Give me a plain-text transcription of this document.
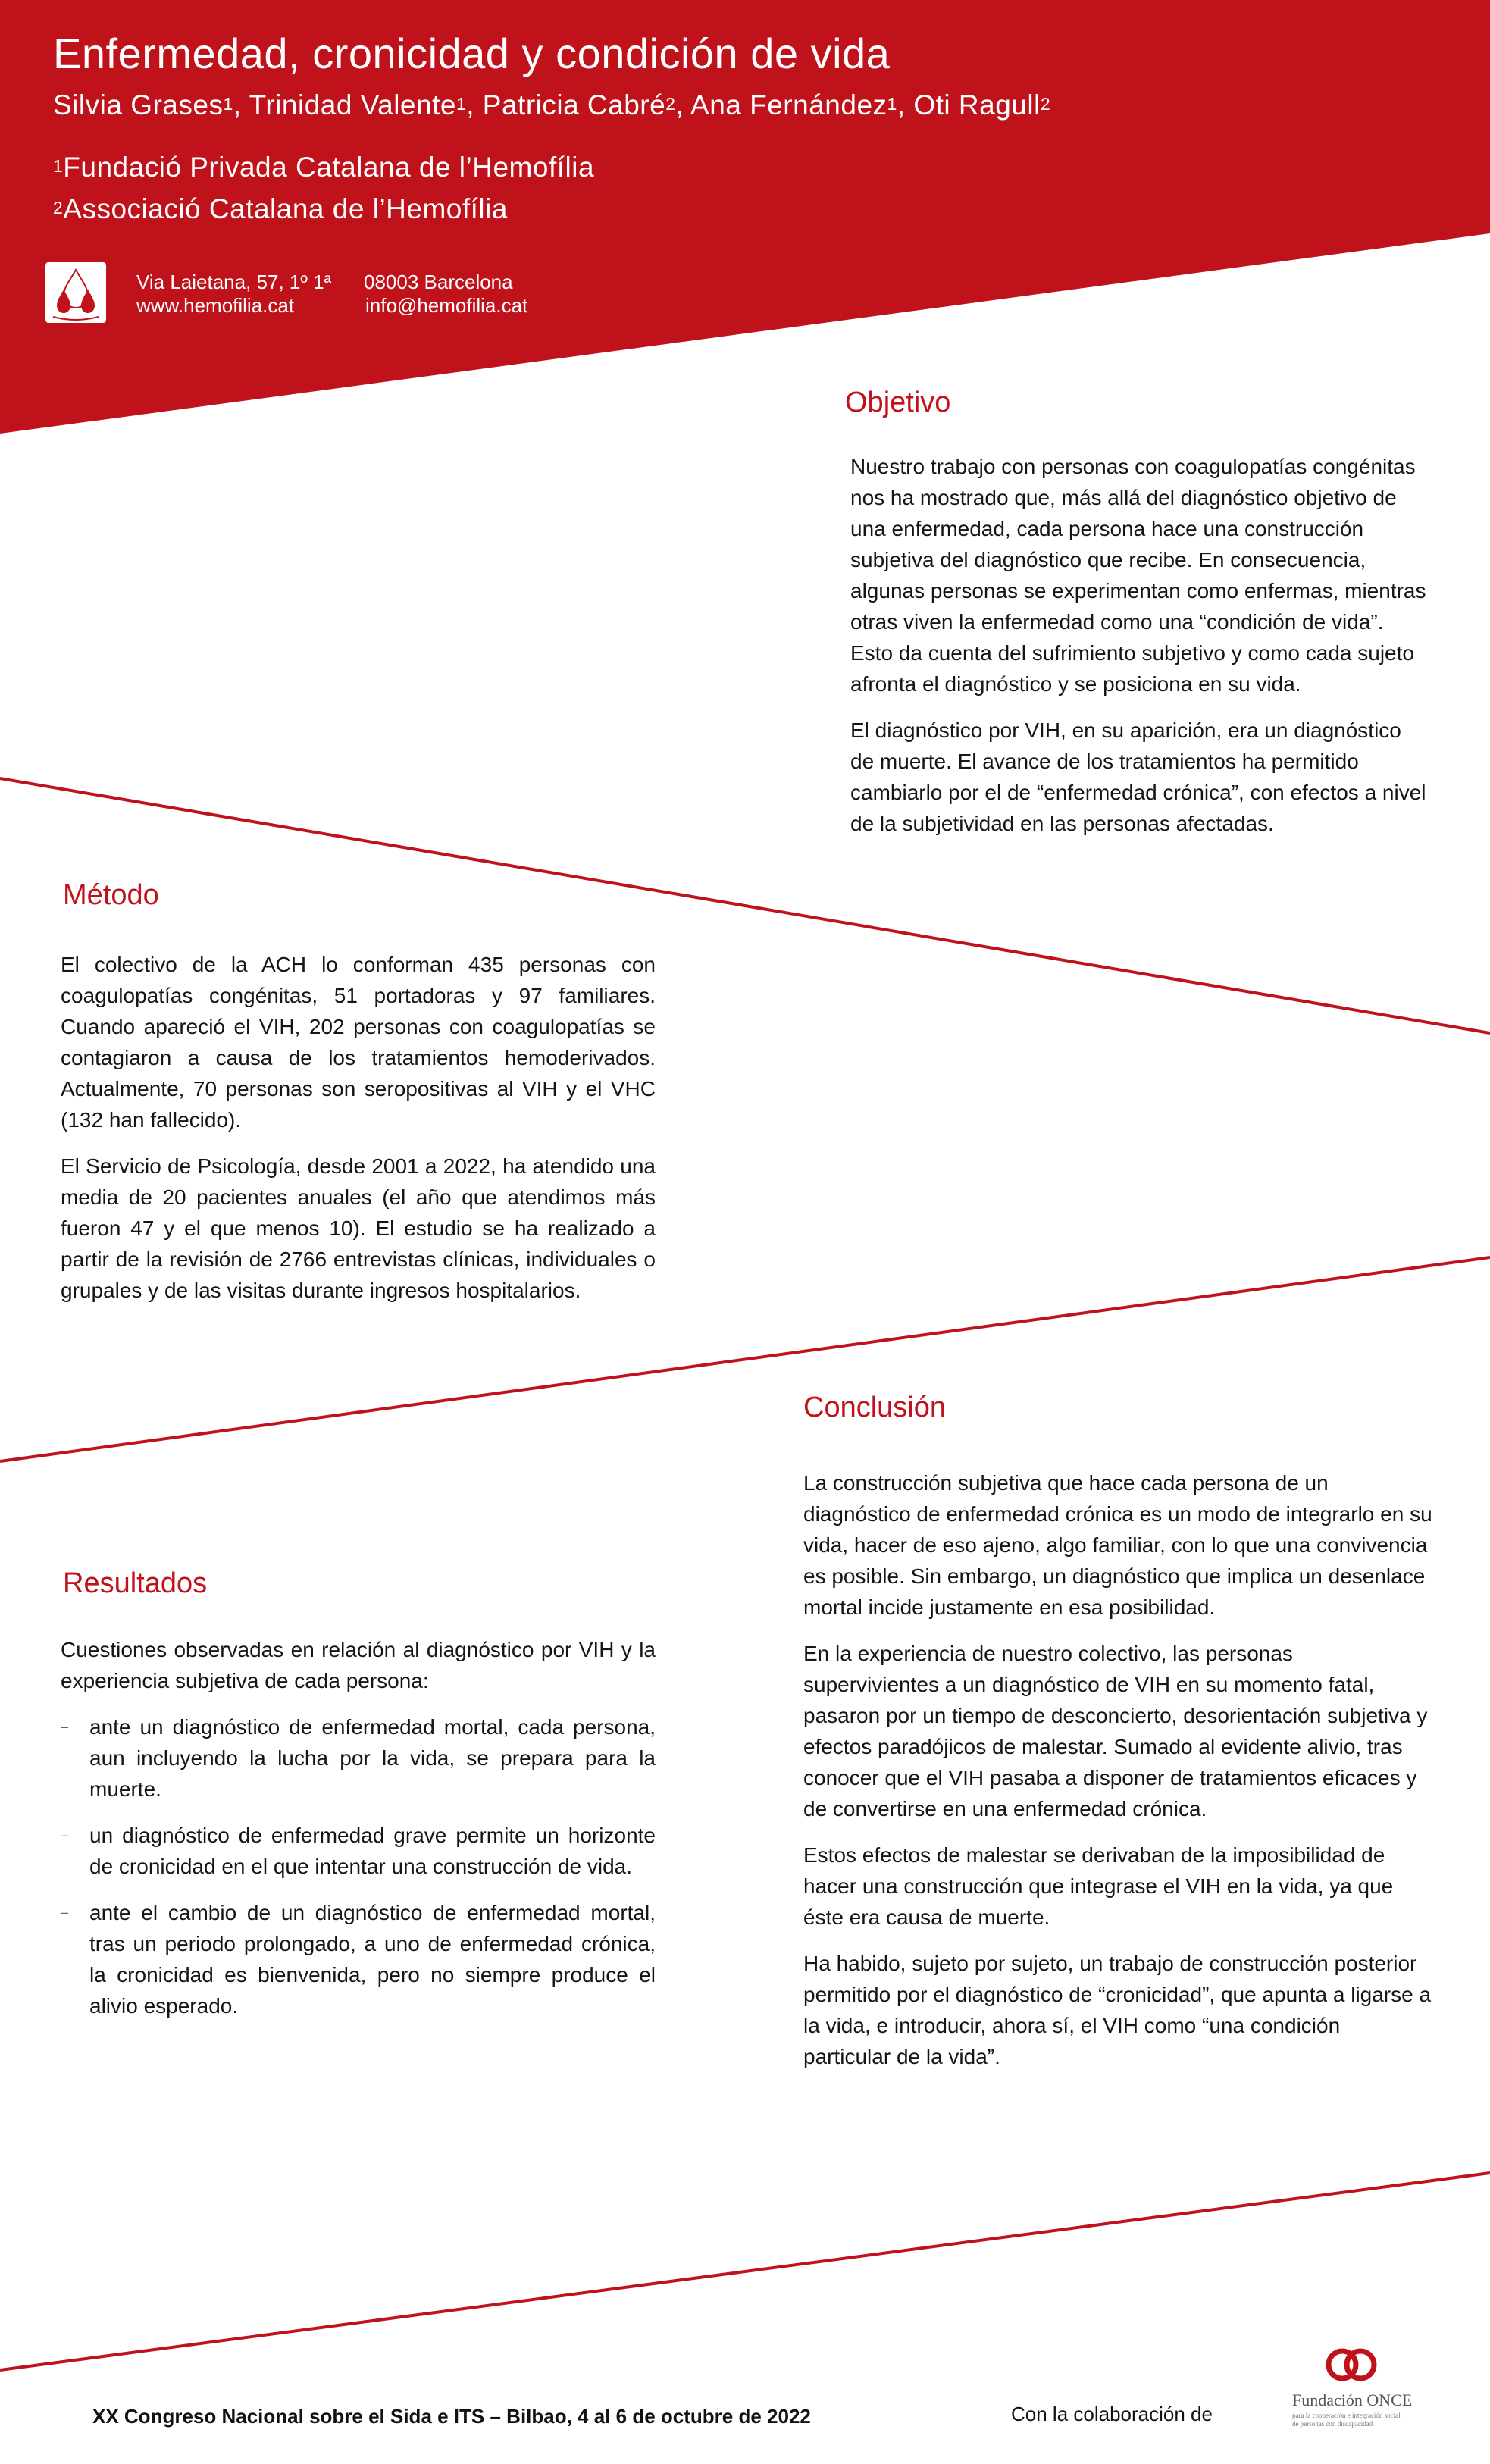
Enfermedad, cronicidad y condición de vida
Silvia Grases$^1$, Trinidad Valente$^1$, Patricia Cabré$^2$, Ana Fernández$^1$, Oti Ragull$^2$
$^1$Fundació Privada Catalana de l’Hemofília
$^2$Associació Catalana de l’Hemofília
Via Laietana, 57, 1º 1ª 08003 Barcelona
www.hemofilia.cat	info@hemofilia.cat
Objetivo

Nuestro trabajo con personas con coagulopatías congénitas nos ha mostrado que, más allá del diagnóstico objetivo de una enfermedad, cada persona hace una construcción subjetiva del diagnóstico que recibe. En consecuencia, algunas personas se experimentan como enfermas, mientras otras viven la enfermedad como una “condición de vida”. Esto da cuenta del sufrimiento subjetivo y como cada sujeto afronta el diagnóstico y se posiciona en su vida.

El diagnóstico por VIH, en su aparición, era un diagnóstico de muerte. El avance de los tratamientos ha permitido cambiarlo por el de “enfermedad crónica”, con efectos a nivel de la subjetividad en las personas afectadas.

Método

El colectivo de la ACH lo conforman 435 personas con coagulopatías congénitas, 51 portadoras y 97 familiares. Cuando apareció el VIH, 202 personas con coagulopatías se contagiaron a causa de los tratamientos hemoderivados. Actualmente, 70 personas son seropositivas al VIH y el VHC (132 han fallecido).

El Servicio de Psicología, desde 2001 a 2022, ha atendido una media de 20 pacientes anuales (el año que atendimos más fueron 47 y el que menos 10). El estudio se ha realizado a partir de la revisión de 2766 entrevistas clínicas, individuales o grupales y de las visitas durante ingresos hospitalarios.

Conclusión

La construcción subjetiva que hace cada persona de un diagnóstico de enfermedad crónica es un modo de integrarlo en su vida, hacer de eso ajeno, algo familiar, con lo que una convivencia es posible. Sin embargo, un diagnóstico que implica un desenlace mortal incide justamente en esa posibilidad.

En la experiencia de nuestro colectivo, las personas supervivientes a un diagnóstico de VIH en su momento fatal, pasaron por un tiempo de desconcierto, desorientación subjetiva y efectos paradójicos de malestar. Sumado al evidente alivio, tras conocer que el VIH pasaba a disponer de tratamientos eficaces y de convertirse en una enfermedad crónica.

Estos efectos de malestar se derivaban de la imposibilidad de hacer una construcción que integrase el VIH en la vida, ya que éste era causa de muerte.

Ha habido, sujeto por sujeto, un trabajo de construcción posterior permitido por el diagnóstico de “cronicidad”, que apunta a ligarse a la vida, e introducir, ahora sí, el VIH como “una condición particular de la vida”.

Resultados

Cuestiones observadas en relación al diagnóstico por VIH y la experiencia subjetiva de cada persona:

– ante un diagnóstico de enfermedad mortal, cada persona, aun incluyendo la lucha por la vida, se prepara para la muerte.
– un diagnóstico de enfermedad grave permite un horizonte de cronicidad en el que intentar una construcción de vida.
– ante el cambio de un diagnóstico de enfermedad mortal, tras un periodo prolongado, a uno de enfermedad crónica, la cronicidad es bienvenida, pero no siempre produce el alivio esperado.
XX Congreso Nacional sobre el Sida e ITS – Bilbao, 4 al 6 de octubre de 2022	Con la colaboración de
Fundación ONCE
para la cooperación e integración social
de personas con discapacidad
